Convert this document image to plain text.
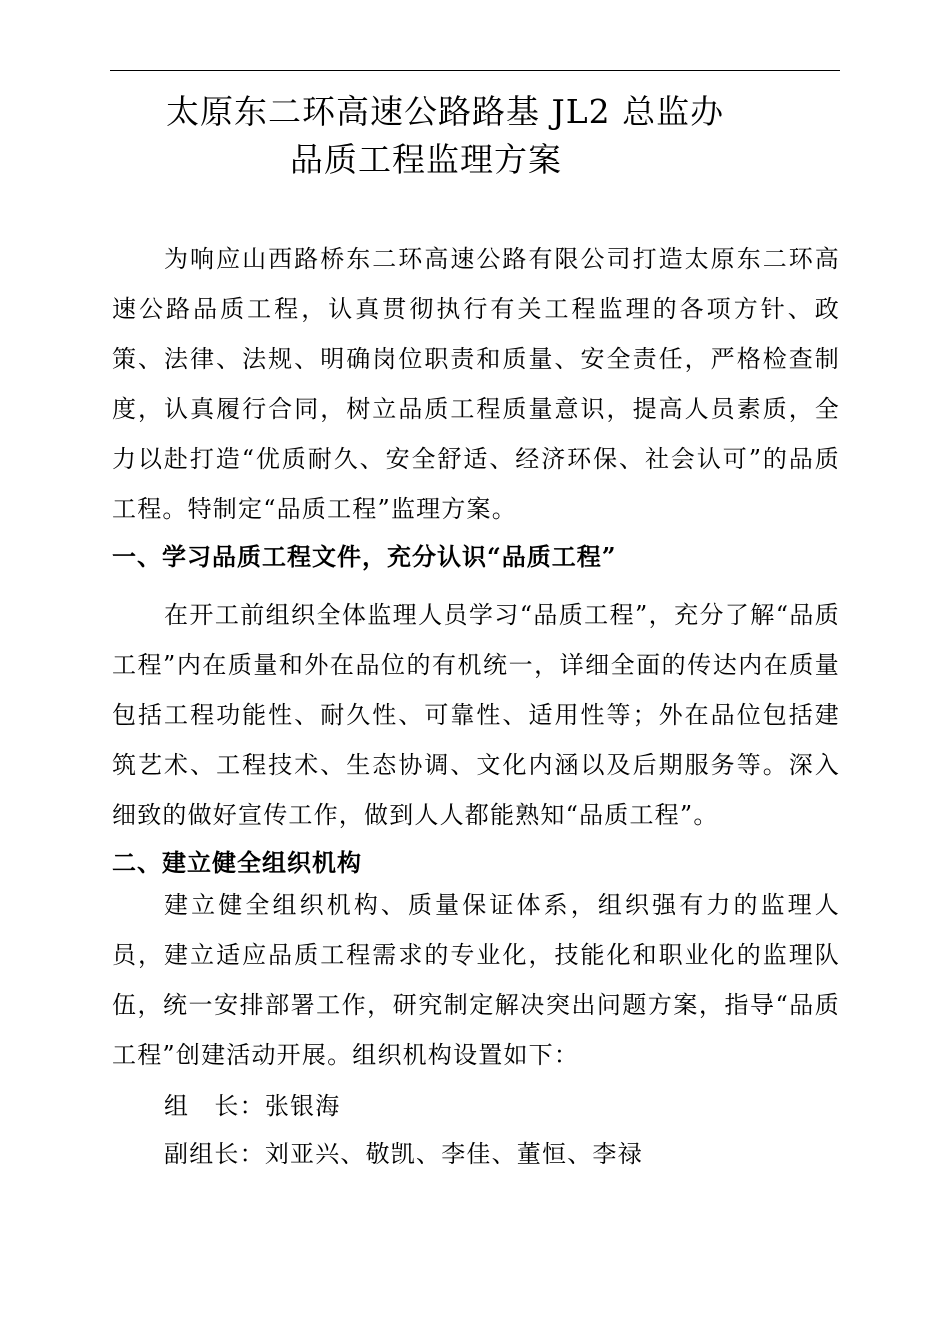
太原东二环高速公路路基 JL2 总监办
品质工程监理方案

为响应山西路桥东二环高速公路有限公司打造太原东二环高速公路品质工程，认真贯彻执行有关工程监理的各项方针、政策、法律、法规、明确岗位职责和质量、安全责任，严格检查制度，认真履行合同，树立品质工程质量意识，提高人员素质，全力以赴打造“优质耐久、安全舒适、经济环保、社会认可”的品质工程。特制定“品质工程”监理方案。

一、学习品质工程文件，充分认识“品质工程”

在开工前组织全体监理人员学习“品质工程”，充分了解“品质工程”内在质量和外在品位的有机统一，详细全面的传达内在质量包括工程功能性、耐久性、可靠性、适用性等；外在品位包括建筑艺术、工程技术、生态协调、文化内涵以及后期服务等。深入细致的做好宣传工作，做到人人都能熟知“品质工程”。

二、建立健全组织机构

建立健全组织机构、质量保证体系，组织强有力的监理人员，建立适应品质工程需求的专业化，技能化和职业化的监理队伍，统一安排部署工作，研究制定解决突出问题方案，指导“品质工程”创建活动开展。组织机构设置如下：

组　长：张银海
副组长：刘亚兴、敬凯、李佳、董恒、李禄
